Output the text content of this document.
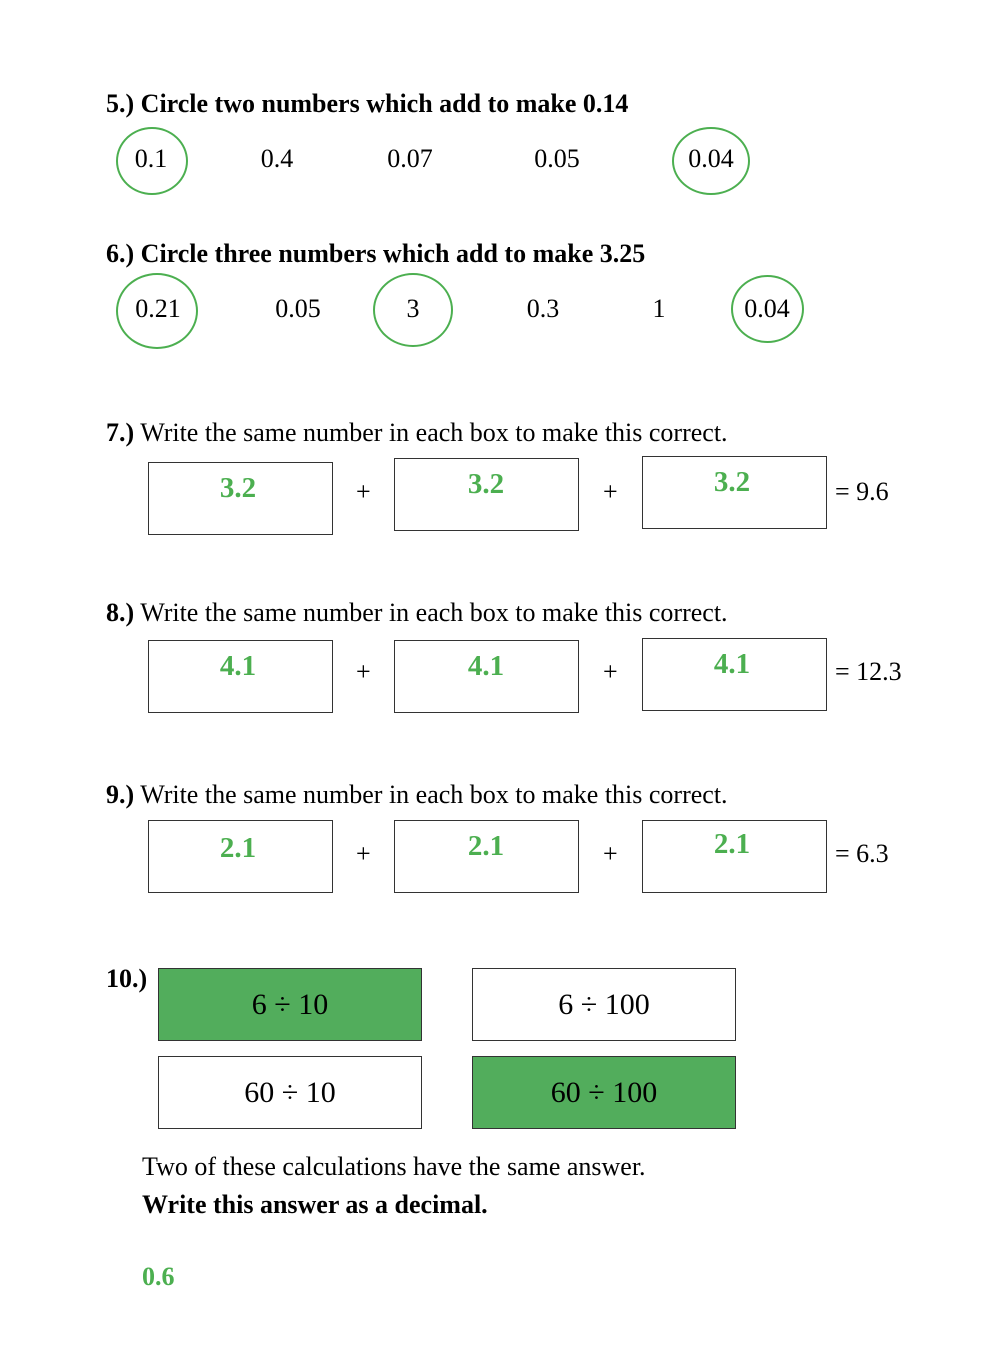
5.) Circle two numbers which add to make 0.14
0.1	0.4	0.07	0.05	0.04
6.) Circle three numbers which add to make 3.25
0.21	0.05	3	0.3	1	0.04
7.) Write the same number in each box to make this correct.
3.2	3.2	3.2
+	+	= 9.6
8.) Write the same number in each box to make this correct.
4.1	4.1	4.1
+	+	= 12.3
9.) Write the same number in each box to make this correct.
2.1	2.1	2.1
+	+	= 6.3
10.)
6 ÷ 10	6 ÷ 100
60 ÷ 10	60 ÷ 100
Two of these calculations have the same answer.
Write this answer as a decimal.
0.6
